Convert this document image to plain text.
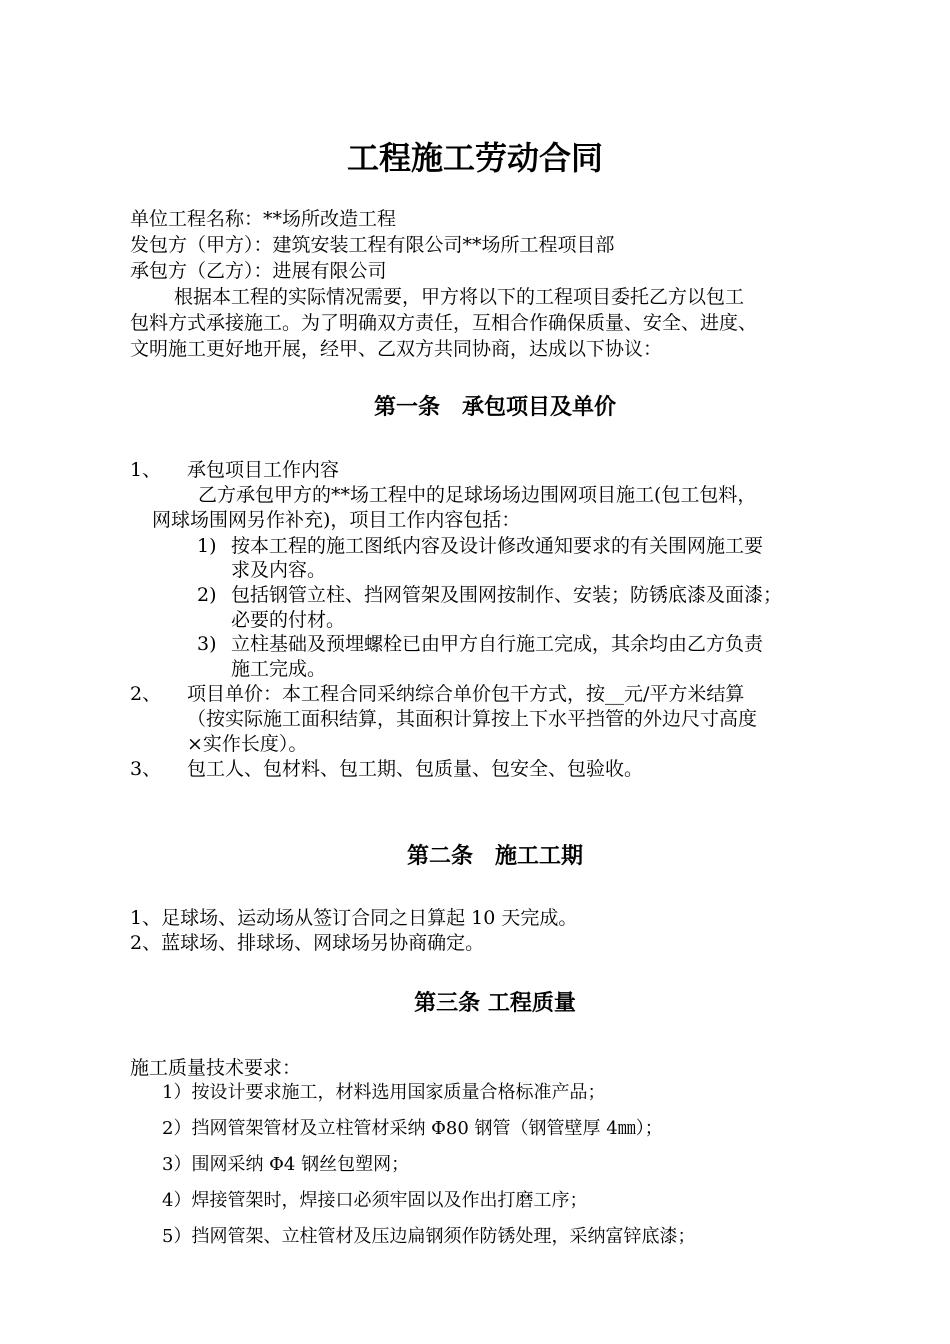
工程施工劳动合同
单位工程名称：**场所改造工程
发包方（甲方）：建筑安装工程有限公司**场所工程项目部
承包方（乙方）：进展有限公司
根据本工程的实际情况需要，甲方将以下的工程项目委托乙方以包工
包料方式承接施工。为了明确双方责任，互相合作确保质量、安全、进度、
文明施工更好地开展，经甲、乙双方共同协商，达成以下协议：
第一条　承包项目及单价
1、 承包项目工作内容
乙方承包甲方的**场工程中的足球场场边围网项目施工(包工包料，
网球场围网另作补充)，项目工作内容包括：
1) 按本工程的施工图纸内容及设计修改通知要求的有关围网施工要
求及内容。
2) 包括钢管立柱、挡网管架及围网按制作、安装；防锈底漆及面漆；
必要的付材。
3) 立柱基础及预埋螺栓已由甲方自行施工完成，其余均由乙方负责
施工完成。
2、 项目单价：本工程合同采纳综合单价包干方式，按__元/平方米结算
（按实际施工面积结算，其面积计算按上下水平挡管的外边尺寸高度
×实作长度）。
3、 包工人、包材料、包工期、包质量、包安全、包验收。
第二条　施工工期
1、足球场、运动场从签订合同之日算起 10 天完成。
2、蓝球场、排球场、网球场另协商确定。
第三条 工程质量
施工质量技术要求：
1）按设计要求施工，材料选用国家质量合格标准产品；
2）挡网管架管材及立柱管材采纳 Φ80 钢管（钢管壁厚 4㎜）；
3）围网采纳 Φ4 钢丝包塑网；
4）焊接管架时，焊接口必须牢固以及作出打磨工序；
5）挡网管架、立柱管材及压边扁钢须作防锈处理，采纳富锌底漆；
